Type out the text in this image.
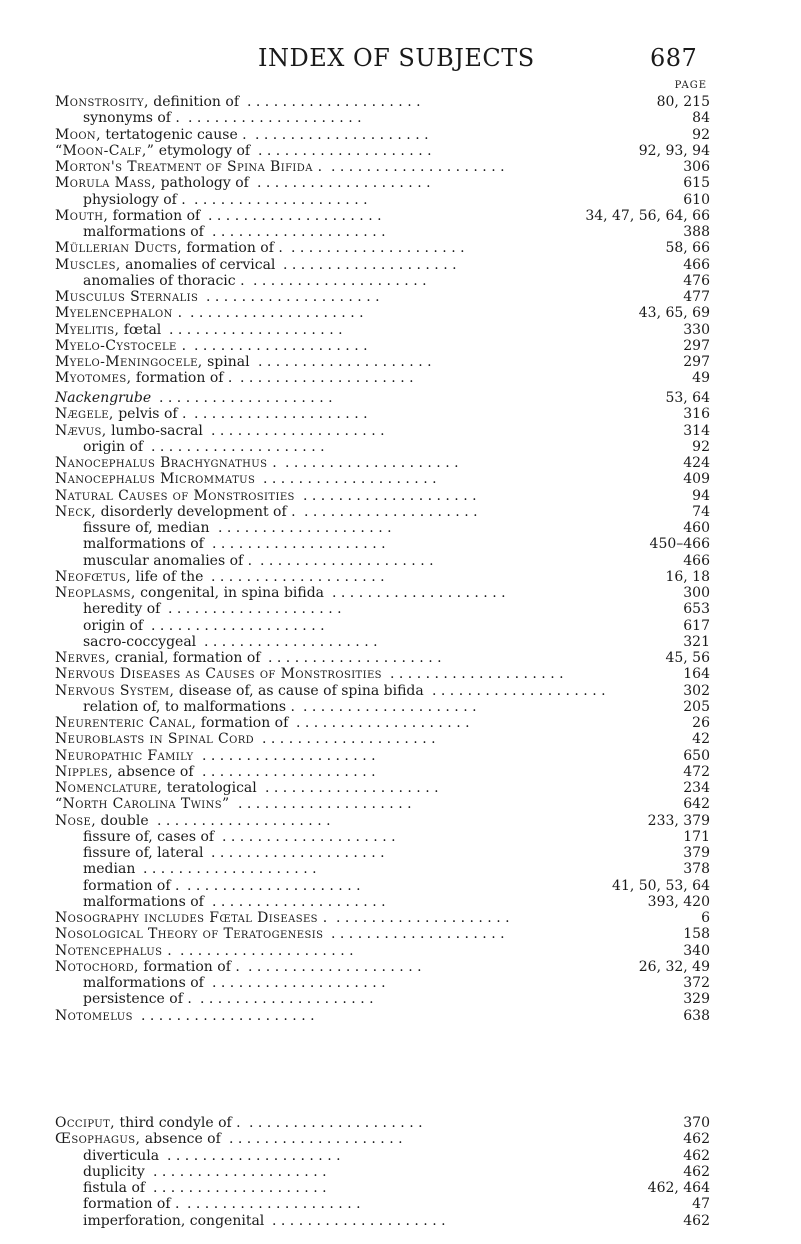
INDEX OF SUBJECTS	687
PAGE
. . . . . . . . . . . . . . . . . . . .
Monstrosity, definition of	80, 215
. . . . . . . . . . . . . . . . . . . .
synonyms of .	84
. . . . . . . . . . . . . . . . . . . .
Moon, tertatogenic cause .	92
. . . . . . . . . . . . . . . . . . . .
“Moon-Calf,” etymology of	92, 93, 94
. . . . . . . . . . . . . . . . . . . .
Morton's Treatment of Spina Bifida .	306
. . . . . . . . . . . . . . . . . . . .
Morula Mass, pathology of	615
. . . . . . . . . . . . . . . . . . . .
physiology of .	610
. . . . . . . . . . . . . . . . . . . .
Mouth, formation of	34, 47, 56, 64, 66
. . . . . . . . . . . . . . . . . . . .
malformations of	388
. . . . . . . . . . . . . . . . . . . .
Müllerian Ducts, formation of .	58, 66
. . . . . . . . . . . . . . . . . . . .
Muscles, anomalies of cervical	466
. . . . . . . . . . . . . . . . . . . .
anomalies of thoracic .	476
. . . . . . . . . . . . . . . . . . . .
Musculus Sternalis	477
. . . . . . . . . . . . . . . . . . . .
Myelencephalon .	43, 65, 69
. . . . . . . . . . . . . . . . . . . .
Myelitis, fœtal	330
. . . . . . . . . . . . . . . . . . . .
Myelo-Cystocele .	297
. . . . . . . . . . . . . . . . . . . .
Myelo-Meningocele, spinal	297
. . . . . . . . . . . . . . . . . . . .
Myotomes, formation of .	49
. . . . . . . . . . . . . . . . . . . .
Nackengrube	53, 64
. . . . . . . . . . . . . . . . . . . .
Nægele, pelvis of .	316
. . . . . . . . . . . . . . . . . . . .
Nævus, lumbo-sacral	314
. . . . . . . . . . . . . . . . . . . .
origin of	92
. . . . . . . . . . . . . . . . . . . .
Nanocephalus Brachygnathus .	424
. . . . . . . . . . . . . . . . . . . .
Nanocephalus Micrommatus	409
. . . . . . . . . . . . . . . . . . . .
Natural Causes of Monstrosities	94
. . . . . . . . . . . . . . . . . . . .
Neck, disorderly development of .	74
. . . . . . . . . . . . . . . . . . . .
fissure of, median	460
. . . . . . . . . . . . . . . . . . . .
malformations of	450–466
. . . . . . . . . . . . . . . . . . . .
muscular anomalies of .	466
. . . . . . . . . . . . . . . . . . . .
Neofœtus, life of the	16, 18
. . . . . . . . . . . . . . . . . . . .
Neoplasms, congenital, in spina bifida	300
. . . . . . . . . . . . . . . . . . . .
heredity of	653
. . . . . . . . . . . . . . . . . . . .
origin of	617
. . . . . . . . . . . . . . . . . . . .
sacro-coccygeal	321
. . . . . . . . . . . . . . . . . . . .
Nerves, cranial, formation of	45, 56
. . . . . . . . . . . . . . . . . . . .
Nervous Diseases as Causes of Monstrosities	164
. . . . . . . . . . . . . . . . . . . .
Nervous System, disease of, as cause of spina bifida	302
. . . . . . . . . . . . . . . . . . . .
relation of, to malformations .	205
. . . . . . . . . . . . . . . . . . . .
Neurenteric Canal, formation of	26
. . . . . . . . . . . . . . . . . . . .
Neuroblasts in Spinal Cord	42
. . . . . . . . . . . . . . . . . . . .
Neuropathic Family	650
. . . . . . . . . . . . . . . . . . . .
Nipples, absence of	472
. . . . . . . . . . . . . . . . . . . .
Nomenclature, teratological	234
. . . . . . . . . . . . . . . . . . . .
“North Carolina Twins”	642
. . . . . . . . . . . . . . . . . . . .
Nose, double	233, 379
. . . . . . . . . . . . . . . . . . . .
fissure of, cases of	171
. . . . . . . . . . . . . . . . . . . .
fissure of, lateral	379
. . . . . . . . . . . . . . . . . . . .
median	378
. . . . . . . . . . . . . . . . . . . .
formation of .	41, 50, 53, 64
. . . . . . . . . . . . . . . . . . . .
malformations of	393, 420
. . . . . . . . . . . . . . . . . . . .
Nosography includes Fœtal Diseases .	6
. . . . . . . . . . . . . . . . . . . .
Nosological Theory of Teratogenesis	158
. . . . . . . . . . . . . . . . . . . .
Notencephalus .	340
. . . . . . . . . . . . . . . . . . . .
Notochord, formation of .	26, 32, 49
. . . . . . . . . . . . . . . . . . . .
malformations of	372
. . . . . . . . . . . . . . . . . . . .
persistence of .	329
. . . . . . . . . . . . . . . . . . . .
Notomelus	638
. . . . . . . . . . . . . . . . . . . .
Occiput, third condyle of .	370
. . . . . . . . . . . . . . . . . . . .
Œsophagus, absence of	462
. . . . . . . . . . . . . . . . . . . .
diverticula	462
. . . . . . . . . . . . . . . . . . . .
duplicity	462
. . . . . . . . . . . . . . . . . . . .
fistula of	462, 464
. . . . . . . . . . . . . . . . . . . .
formation of .	47
. . . . . . . . . . . . . . . . . . . .
imperforation, congenital	462
